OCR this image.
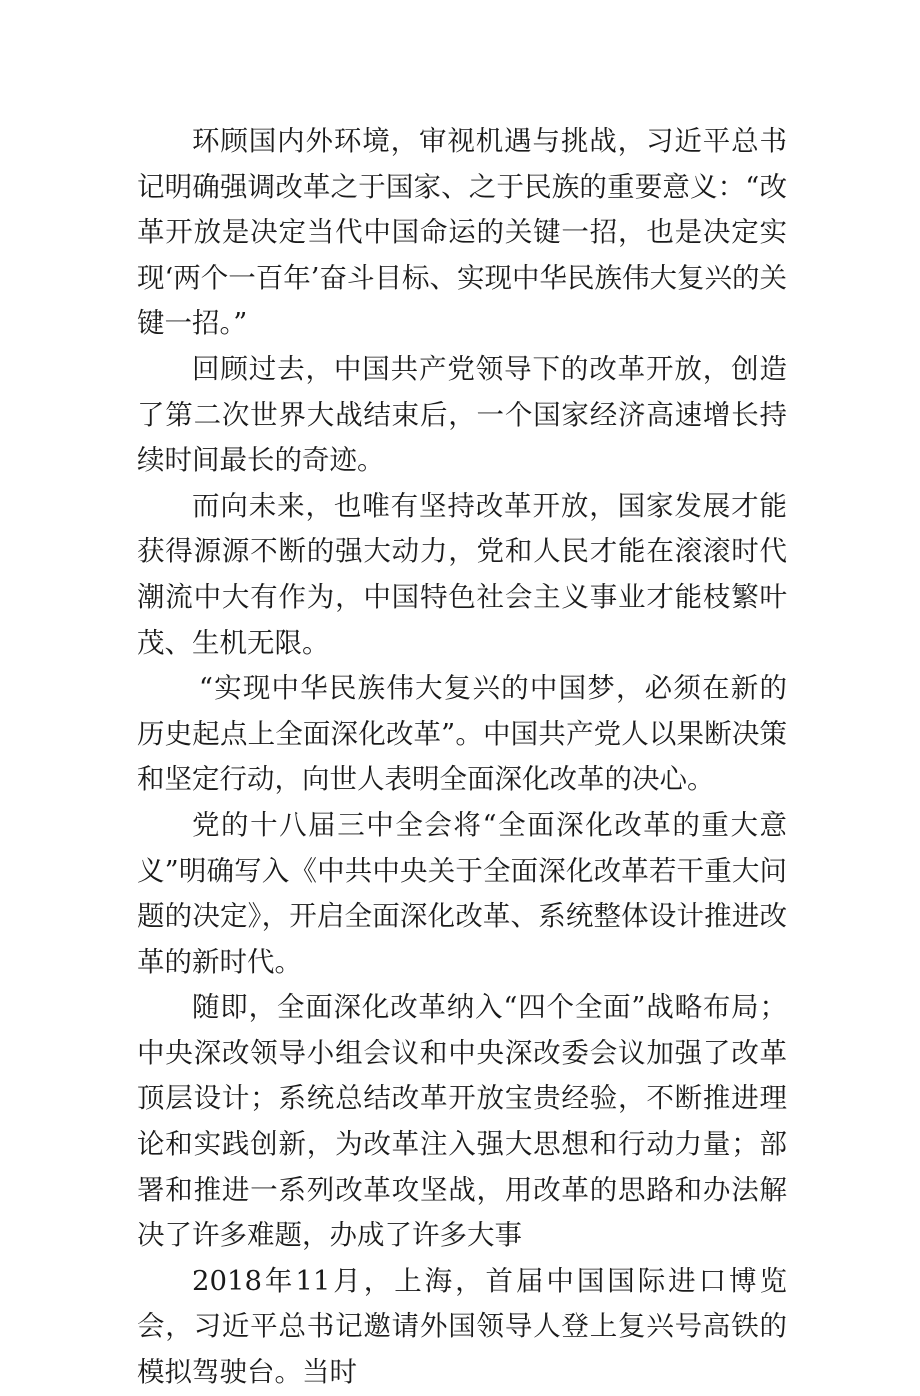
环顾国内外环境，审视机遇与挑战，习近平总书记明确强调改革之于国家、之于民族的重要意义：“改革开放是决定当代中国命运的关键一招，也是决定实现‘两个一百年’奋斗目标、实现中华民族伟大复兴的关键一招。”

回顾过去，中国共产党领导下的改革开放，创造了第二次世界大战结束后，一个国家经济高速增长持续时间最长的奇迹。

而向未来，也唯有坚持改革开放，国家发展才能获得源源不断的强大动力，党和人民才能在滚滚时代潮流中大有作为，中国特色社会主义事业才能枝繁叶茂、生机无限。

“实现中华民族伟大复兴的中国梦，必须在新的历史起点上全面深化改革”。中国共产党人以果断决策和坚定行动，向世人表明全面深化改革的决心。

党的十八届三中全会将“全面深化改革的重大意义”明确写入《中共中央关于全面深化改革若干重大问题的决定》，开启全面深化改革、系统整体设计推进改革的新时代。

随即，全面深化改革纳入“四个全面”战略布局；中央深改领导小组会议和中央深改委会议加强了改革顶层设计；系统总结改革开放宝贵经验，不断推进理论和实践创新，为改革注入强大思想和行动力量；部署和推进一系列改革攻坚战，用改革的思路和办法解决了许多难题，办成了许多大事

2018年11月，上海，首届中国国际进口博览会，习近平总书记邀请外国领导人登上复兴号高铁的模拟驾驶台。当时
